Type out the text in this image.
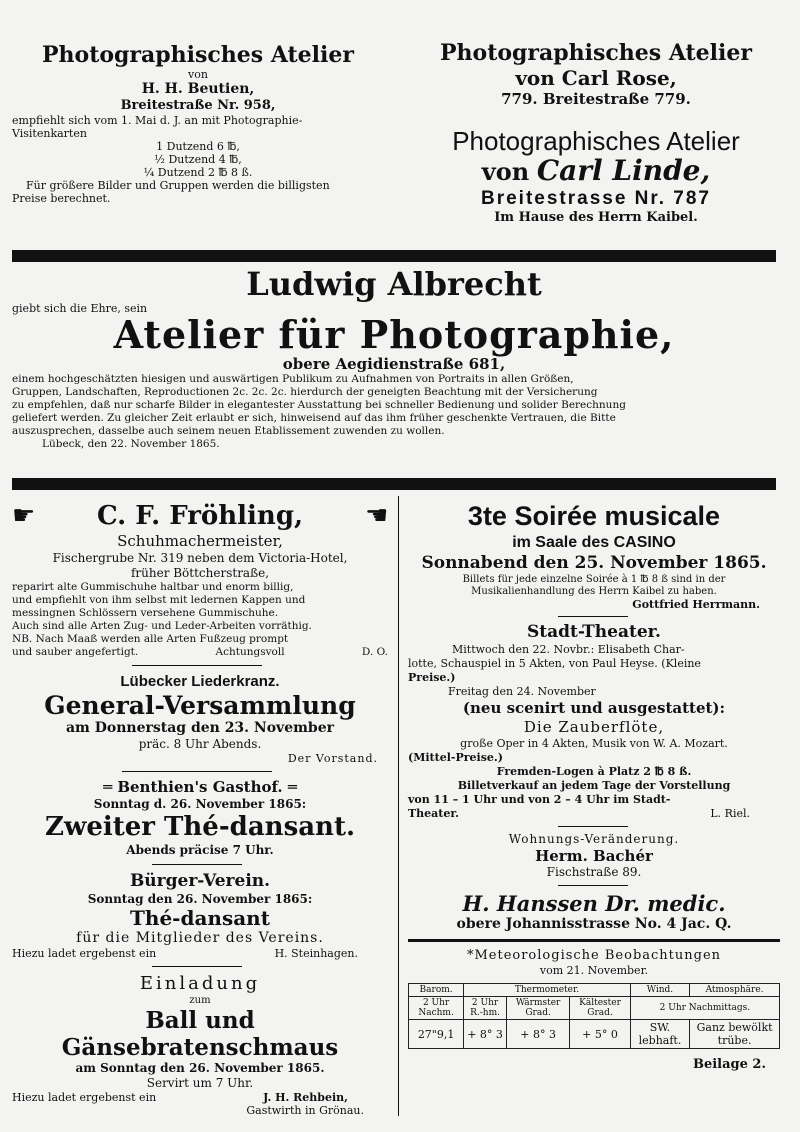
Photographisches Atelier
von
H. H. Beutien,
Breitestraße Nr. 958,
empfiehlt sich vom 1. Mai d. J. an mit Photographie-
Visitenkarten
1 Dutzend 6 ℔,
½ Dutzend 4 ℔,
¼ Dutzend 2 ℔ 8 ß.
Für größere Bilder und Gruppen werden die billigsten
Preise berechnet.
Photographisches Atelier
von Carl Rose,
779. Breitestraße 779.
Photographisches Atelier
von Carl Linde,
Breitestrasse Nr. 787
Im Hause des Herrn Kaibel.
Ludwig Albrecht
giebt sich die Ehre, sein
Atelier für Photographie,
obere Aegidienstraße 681,
einem hochgeschätzten hiesigen und auswärtigen Publikum zu Aufnahmen von Portraits in allen Größen,
Gruppen, Landschaften, Reproductionen 2c. 2c. 2c. hierdurch der geneigten Beachtung mit der Versicherung
zu empfehlen, daß nur scharfe Bilder in elegantester Ausstattung bei schneller Bedienung und solider Berechnung
geliefert werden. Zu gleicher Zeit erlaubt er sich, hinweisend auf das ihm früher geschenkte Vertrauen, die Bitte
auszusprechen, dasselbe auch seinem neuen Etablissement zuwenden zu wollen.
Lübeck, den 22. November 1865.
☛ C. F. Fröhling, ☛
Schuhmachermeister,
Fischergrube Nr. 319 neben dem Victoria-Hotel,
früher Böttcherstraße,
reparirt alte Gummischuhe haltbar und enorm billig,
und empfiehlt von ihm selbst mit ledernen Kappen und
messingnen Schlössern versehene Gummischuhe.
Auch sind alle Arten Zug- und Leder-Arbeiten vorräthig.
NB. Nach Maaß werden alle Arten Fußzeug prompt
und sauber angefertigt.	Achtungsvoll	D. O.
Lübecker Liederkranz.
General-Versammlung
am Donnerstag den 23. November
präc. 8 Uhr Abends.
Der Vorstand.
═ Benthien's Gasthof. ═
Sonntag d. 26. November 1865:
Zweiter Thé-dansant.
Abends präcise 7 Uhr.
Bürger-Verein.
Sonntag den 26. November 1865:
Thé-dansant
für die Mitglieder des Vereins.
Hiezu ladet ergebenst ein	H. Steinhagen.
Einladung
zum
Ball und Gänsebratenschmaus
am Sonntag den 26. November 1865.
Servirt um 7 Uhr.
Hiezu ladet ergebenst ein	J. H. Rehbein,
Gastwirth in Grönau.
3te Soirée musicale
im Saale des CASINO
Sonnabend den 25. November 1865.
Billets für jede einzelne Soirée à 1 ℔ 8 ß sind in der
Musikalienhandlung des Herrn Kaibel zu haben.
Gottfried Herrmann.
Stadt-Theater.
Mittwoch den 22. Novbr.: Elisabeth Char-
lotte, Schauspiel in 5 Akten, von Paul Heyse. (Kleine
Preise.)
Freitag den 24. November
(neu scenirt und ausgestattet):
Die Zauberflöte,
große Oper in 4 Akten, Musik von W. A. Mozart.
(Mittel-Preise.)
Fremden-Logen à Platz 2 ℔ 8 ß.
Billetverkauf an jedem Tage der Vorstellung
von 11 – 1 Uhr und von 2 – 4 Uhr im Stadt-
Theater.	L. Riel.
Wohnungs-Veränderung.
Herm. Bachér
Fischstraße 89.
H. Hanssen Dr. medic.
obere Johannisstrasse No. 4 Jac. Q.
*Meteorologische Beobachtungen
vom 21. November.
Barom.	Thermometer.			Wind.	Atmosphäre.
2 Uhr Nachm.	2 Uhr R.-hm.	Wärmster Grad.	Kältester Grad.	2 Uhr Nachmittags.	
27"9,1	+ 8° 3	+ 8° 3	+ 5° 0	SW. lebhaft.	Ganz bewölkt trübe.
Beilage 2.
